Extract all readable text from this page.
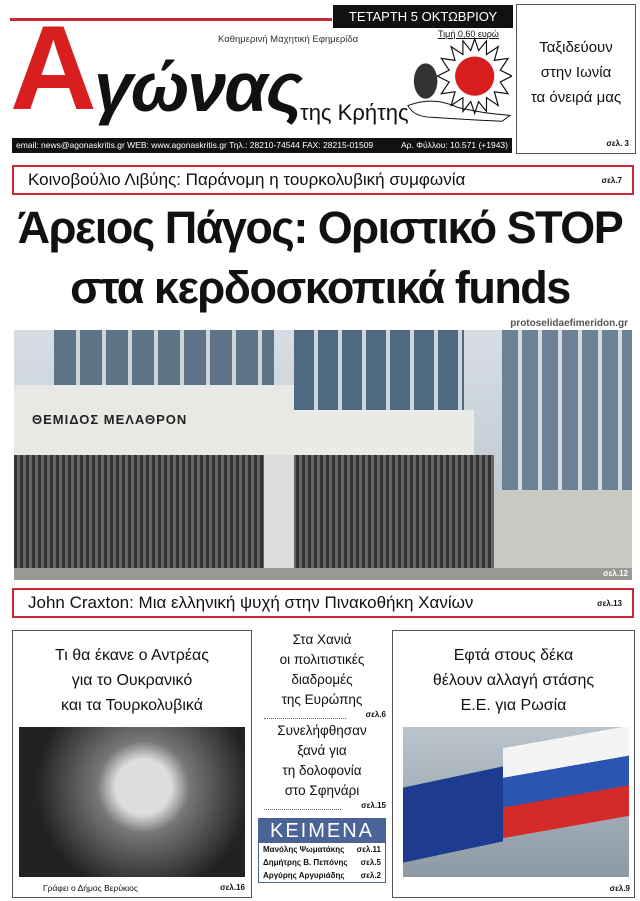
Α
γώνας
ΤΕΤΑΡΤΗ 5 ΟΚΤΩΒΡΙΟΥ 2022 Τιμή 0,60 ευρώ
Καθημερινή Μαχητική Εφημερίδα
της Κρήτης
email: news@agonaskritis.gr WEB: www.agonaskritis.gr Τηλ.: 28210-74544 FAX: 28215-01509	Αρ. Φύλλου: 10.571 (+1943)
Ταξιδεύουν
στην Ιωνία
τα όνειρά μας
σελ. 3
Κοινοβούλιο Λιβύης: Παράνομη η τουρκολυβική συμφωνία	σελ.7
Άρειος Πάγος: Οριστικό STOP
στα κερδοσκοπικά funds
protoselidaefimeridon.gr
ΘΕΜΙΔΟΣ ΜΕΛΑΘΡΟΝ
σελ.12
John Craxton: Μια ελληνική ψυχή στην Πινακοθήκη Χανίων	σελ.13
Τι θα έκανε ο Αντρέας
για το Ουκρανικό
και τα Τουρκολυβικά
Γράφει ο Δήμος Βερύκιος	σελ.16
Στα Χανιά
οι πολιτιστικές
διαδρομές
της Ευρώπης
σελ.6
Συνελήφθησαν
ξανά για
τη δολοφονία
στο Σφηνάρι
σελ.15
ΚΕΙΜΕΝΑ
Μανόλης Ψωματάκης σελ.11
Δημήτρης Β. Πεπόνης σελ.5
Αργύρης Αργυριάδης σελ.2
Εφτά στους δέκα
θέλουν αλλαγή στάσης
Ε.Ε. για Ρωσία
σελ.9
